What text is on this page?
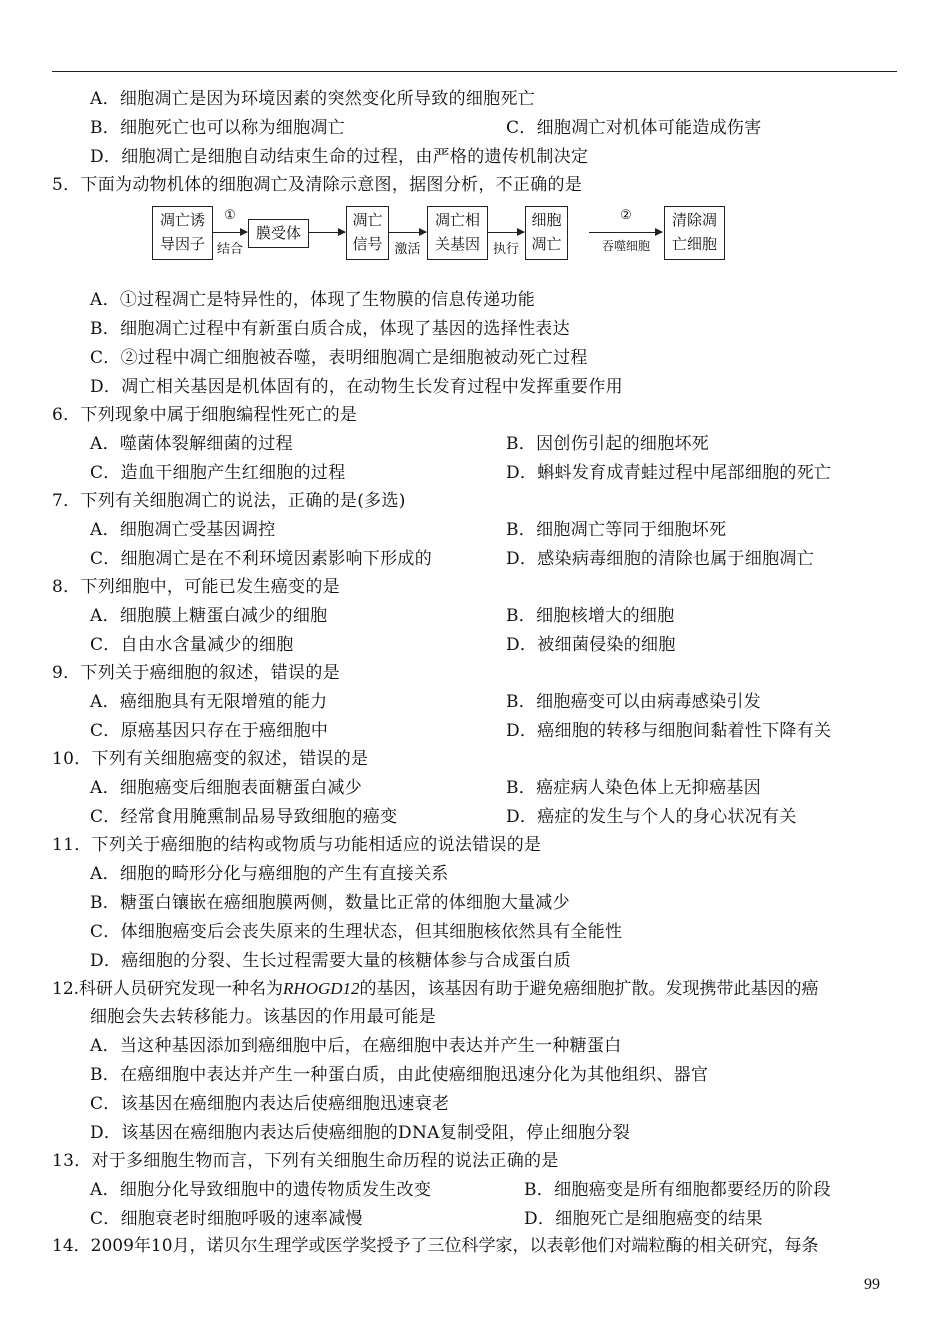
A．细胞凋亡是因为环境因素的突然变化所导致的细胞死亡
B．细胞死亡也可以称为细胞凋亡	C．细胞凋亡对机体可能造成伤害
D．细胞凋亡是细胞自动结束生命的过程，由严格的遗传机制决定
5．下面为动物机体的细胞凋亡及清除示意图，据图分析，不正确的是
凋亡诱
导因子
①
结合
膜受体
凋亡
信号 激活
凋亡相
关基因 执行
细胞
凋亡
②
吞噬细胞
清除凋
亡细胞
A．①过程凋亡是特异性的，体现了生物膜的信息传递功能
B．细胞凋亡过程中有新蛋白质合成，体现了基因的选择性表达
C．②过程中凋亡细胞被吞噬，表明细胞凋亡是细胞被动死亡过程
D．凋亡相关基因是机体固有的，在动物生长发育过程中发挥重要作用
6．下列现象中属于细胞编程性死亡的是
A．噬菌体裂解细菌的过程	B．因创伤引起的细胞坏死
C．造血干细胞产生红细胞的过程	D．蝌蚪发育成青蛙过程中尾部细胞的死亡
7．下列有关细胞凋亡的说法，正确的是(多选)
A．细胞凋亡受基因调控	B．细胞凋亡等同于细胞坏死
C．细胞凋亡是在不利环境因素影响下形成的	D．感染病毒细胞的清除也属于细胞凋亡
8．下列细胞中，可能已发生癌变的是
A．细胞膜上糖蛋白减少的细胞	B．细胞核增大的细胞
C．自由水含量减少的细胞	D．被细菌侵染的细胞
9．下列关于癌细胞的叙述，错误的是
A．癌细胞具有无限增殖的能力	B．细胞癌变可以由病毒感染引发
C．原癌基因只存在于癌细胞中	D．癌细胞的转移与细胞间黏着性下降有关
10．下列有关细胞癌变的叙述，错误的是
A．细胞癌变后细胞表面糖蛋白减少	B．癌症病人染色体上无抑癌基因
C．经常食用腌熏制品易导致细胞的癌变	D．癌症的发生与个人的身心状况有关
11．下列关于癌细胞的结构或物质与功能相适应的说法错误的是
A．细胞的畸形分化与癌细胞的产生有直接关系
B．糖蛋白镶嵌在癌细胞膜两侧，数量比正常的体细胞大量减少
C．体细胞癌变后会丧失原来的生理状态，但其细胞核依然具有全能性
D．癌细胞的分裂、生长过程需要大量的核糖体参与合成蛋白质
12.科研人员研究发现一种名为RHOGD12的基因，该基因有助于避免癌细胞扩散。发现携带此基因的癌
细胞会失去转移能力。该基因的作用最可能是
A．当这种基因添加到癌细胞中后，在癌细胞中表达并产生一种糖蛋白
B．在癌细胞中表达并产生一种蛋白质，由此使癌细胞迅速分化为其他组织、器官
C．该基因在癌细胞内表达后使癌细胞迅速衰老
D．该基因在癌细胞内表达后使癌细胞的DNA复制受阻，停止细胞分裂
13．对于多细胞生物而言，下列有关细胞生命历程的说法正确的是
A．细胞分化导致细胞中的遗传物质发生改变	B．细胞癌变是所有细胞都要经历的阶段
C．细胞衰老时细胞呼吸的速率减慢	D．细胞死亡是细胞癌变的结果
14．2009年10月，诺贝尔生理学或医学奖授予了三位科学家，以表彰他们对端粒酶的相关研究，每条
99
